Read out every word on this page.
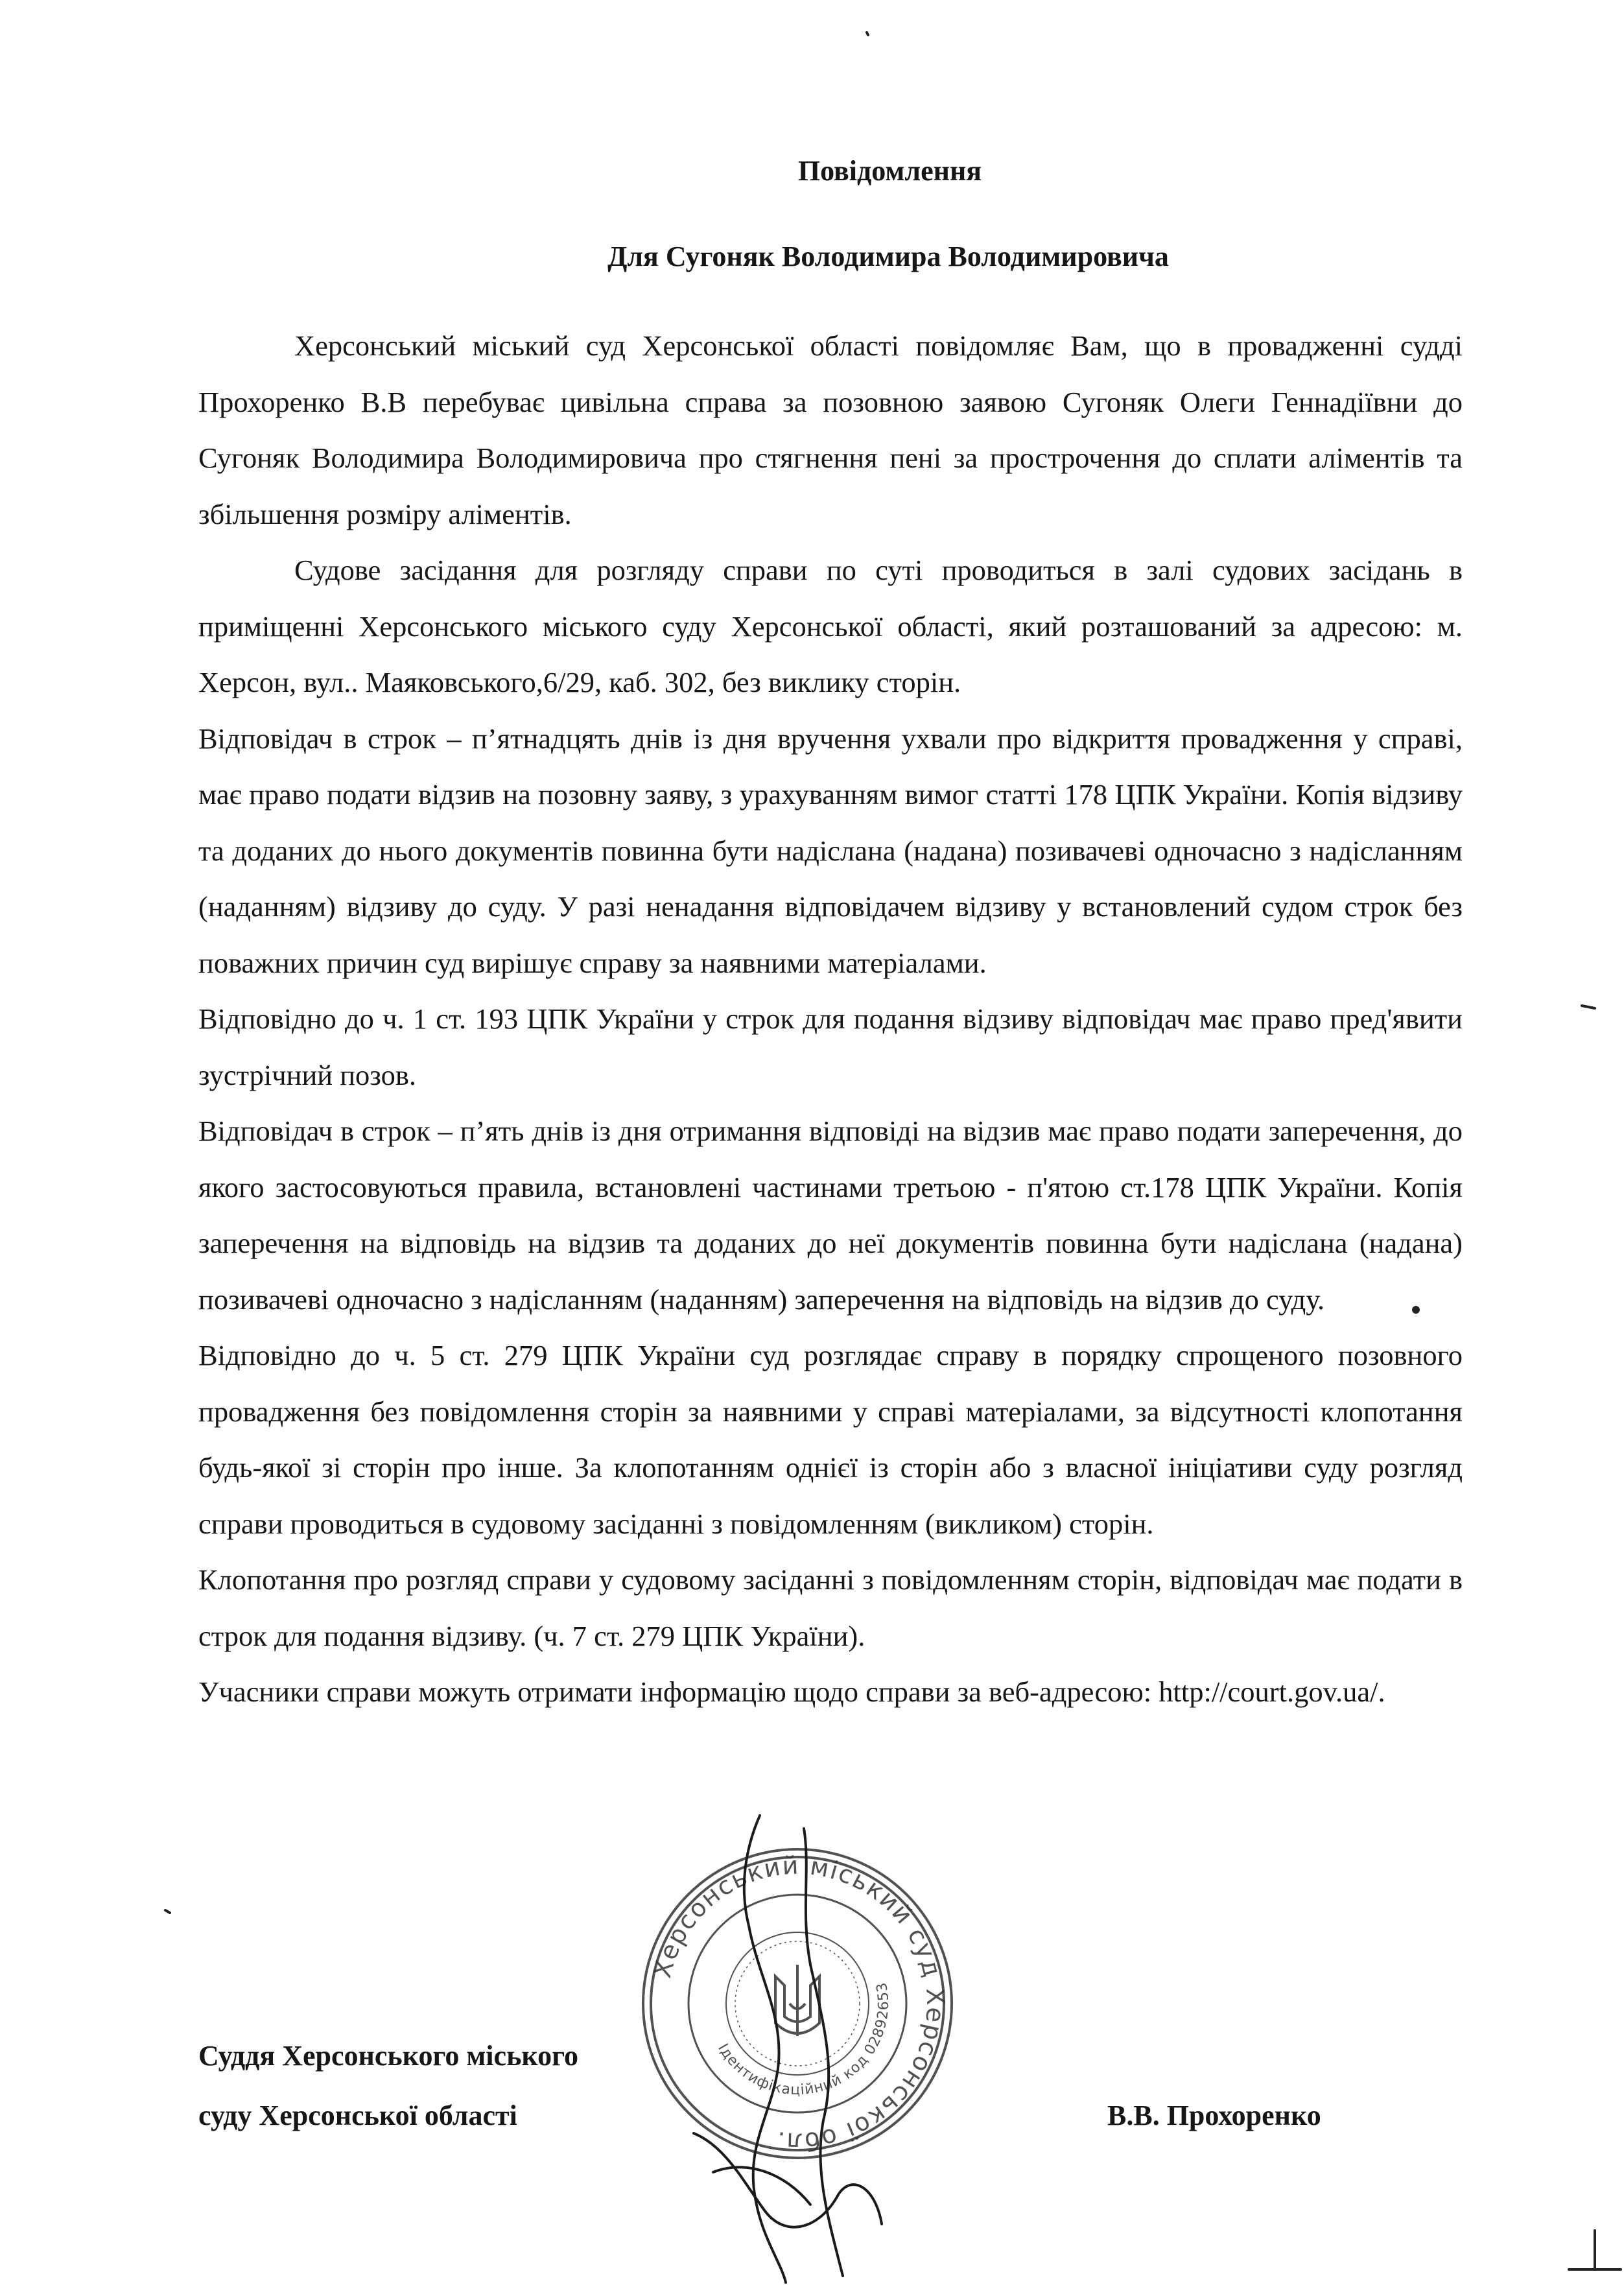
Повідомлення
Для Сугоняк Володимира Володимировича

Херсонський міський суд Херсонської області повідомляє Вам, що в провадженні судді Прохоренко В.В перебуває цивільна справа за позовною заявою Сугоняк Олеги Геннадіївни до Сугоняк Володимира Володимировича про стягнення пені за прострочення до сплати аліментів та збільшення розміру аліментів.

Судове засідання для розгляду справи по суті проводиться в залі судових засідань в приміщенні Херсонського міського суду Херсонської області, який розташований за адресою: м. Херсон, вул.. Маяковського,6/29, каб. 302, без виклику сторін.

Відповідач в строк – п’ятнадцять днів із дня вручення ухвали про відкриття провадження у справі, має право подати відзив на позовну заяву, з урахуванням вимог статті 178 ЦПК України. Копія відзиву та доданих до нього документів повинна бути надіслана (надана) позивачеві одночасно з надісланням (наданням) відзиву до суду. У разі ненадання відповідачем відзиву у встановлений судом строк без поважних причин суд вирішує справу за наявними матеріалами.

Відповідно до ч. 1 ст. 193 ЦПК України у строк для подання відзиву відповідач має право пред'явити зустрічний позов.

Відповідач в строк – п’ять днів із дня отримання відповіді на відзив має право подати заперечення, до якого застосовуються правила, встановлені частинами третьою - п'ятою ст.178 ЦПК України. Копія заперечення на відповідь на відзив та доданих до неї документів повинна бути надіслана (надана) позивачеві одночасно з надісланням (наданням) заперечення на відповідь на відзив до суду.

Відповідно до ч. 5 ст. 279 ЦПК України суд розглядає справу в порядку спрощеного позовного провадження без повідомлення сторін за наявними у справі матеріалами, за відсутності клопотання будь-якої зі сторін про інше. За клопотанням однієї із сторін або з власної ініціативи суду розгляд справи проводиться в судовому засіданні з повідомленням (викликом) сторін.

Клопотання про розгляд справи у судовому засіданні з повідомленням сторін, відповідач має подати в строк для подання відзиву. (ч. 7 ст. 279 ЦПК України).

Учасники справи можуть отримати інформацію щодо справи за веб-адресою: http://court.gov.ua/.

Суддя Херсонського міського
суду Херсонської області	В.В. Прохоренко
Херсонський міський суд Херсонської обл.
Ідентифікаційний код 02892653
